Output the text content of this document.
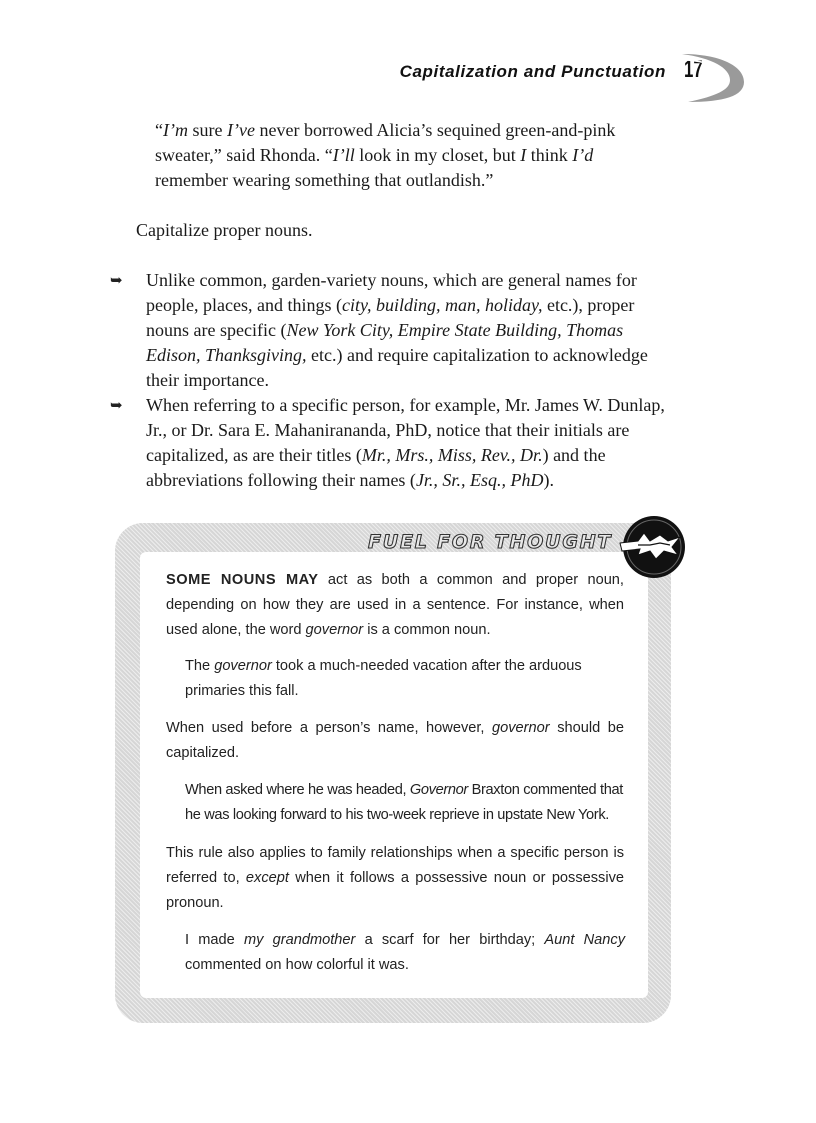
Capitalization and Punctuation 17
“I’m sure I’ve never borrowed Alicia’s sequined green-and-pink sweater,” said Rhonda. “I’ll look in my closet, but I think I’d remember wearing something that outlandish.”
Capitalize proper nouns.
➥ Unlike common, garden-variety nouns, which are general names for people, places, and things (city, building, man, holiday, etc.), proper nouns are specific (New York City, Empire State Building, Thomas Edison, Thanksgiving, etc.) and require capitalization to acknowledge their importance.
➥ When referring to a specific person, for example, Mr. James W. Dunlap, Jr., or Dr. Sara E. Mahanirananda, PhD, notice that their initials are capitalized, as are their titles (Mr., Mrs., Miss, Rev., Dr.) and the abbreviations following their names (Jr., Sr., Esq., PhD).
FUEL FOR THOUGHT
SOME NOUNS MAY act as both a common and proper noun, depending on how they are used in a sentence. For instance, when used alone, the word governor is a common noun.
The governor took a much-needed vacation after the arduous primaries this fall.
When used before a person’s name, however, governor should be capitalized.
When asked where he was headed, Governor Braxton commented that he was looking forward to his two-week reprieve in upstate New York.
This rule also applies to family relationships when a specific person is referred to, except when it follows a possessive noun or possessive pronoun.
I made my grandmother a scarf for her birthday; Aunt Nancy commented on how colorful it was.
